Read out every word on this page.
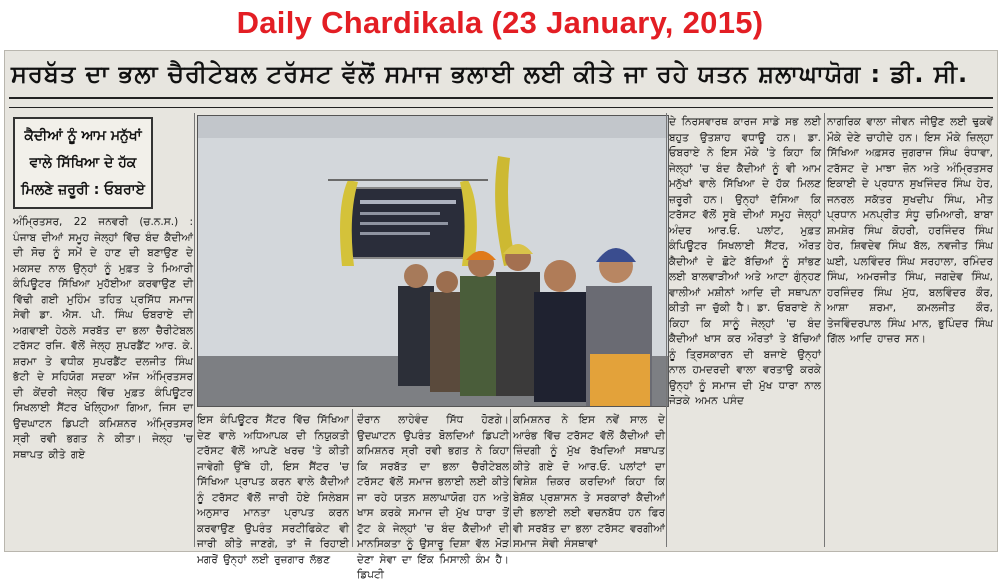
Daily Chardikala (23 January, 2015)
ਸਰਬੱਤ ਦਾ ਭਲਾ ਚੈਰੀਟੇਬਲ ਟਰੱਸਟ ਵੱਲੋਂ ਸਮਾਜ ਭਲਾਈ ਲਈ ਕੀਤੇ ਜਾ ਰਹੇ ਯਤਨ ਸ਼ਲਾਘਾਯੋਗ : ਡੀ. ਸੀ.
ਕੈਦੀਆਂ ਨੂੰ ਆਮ ਮਨੁੱਖਾਂ ਵਾਲੇ ਸਿੱਖਿਆ ਦੇ ਹੱਕ ਮਿਲਣੇ ਜ਼ਰੂਰੀ : ਓਬਰਾਏ

ਅੰਮ੍ਰਿਤਸਰ, 22 ਜਨਵਰੀ (ਚ.ਨ.ਸ.) : ਪੰਜਾਬ ਦੀਆਂ ਸਮੂਹ ਜੇਲ੍ਹਾਂ ਵਿੱਚ ਬੰਦ ਕੈਦੀਆਂ ਦੀ ਸੋਚ ਨੂੰ ਸਮੇਂ ਦੇ ਹਾਣ ਦੀ ਬਣਾਉਣ ਦੇ ਮਕਸਦ ਨਾਲ ਉਨ੍ਹਾਂ ਨੂੰ ਮੁਫ਼ਤ ਤੇ ਮਿਆਰੀ ਕੰਪਿਊਟਰ ਸਿੱਖਿਆ ਮੁਹੱਈਆ ਕਰਵਾਉਣ ਦੀ ਵਿੱਢੀ ਗਈ ਮੁਹਿੰਮ ਤਹਿਤ ਪ੍ਰਸਿੱਧ ਸਮਾਜ ਸੇਵੀ ਡਾ. ਐਸ. ਪੀ. ਸਿੰਘ ਓਬਰਾਏ ਦੀ ਅਗਵਾਈ ਹੇਠਲੇ ਸਰਬੱਤ ਦਾ ਭਲਾ ਚੈਰੀਟੇਬਲ ਟਰੱਸਟ ਰਜਿ. ਵੱਲੋਂ ਜੇਲ੍ਹ ਸੁਪਰਡੈਂਟ ਆਰ. ਕੇ. ਸ਼ਰਮਾ ਤੇ ਵਧੀਕ ਸੁਪਰਡੈਂਟ ਦਲਜੀਤ ਸਿੰਘ ਭੱਟੀ ਦੇ ਸਹਿਯੋਗ ਸਦਕਾ ਅੱਜ ਅੰਮ੍ਰਿਤਸਰ ਦੀ ਕੇਂਦਰੀ ਜੇਲ੍ਹ ਵਿੱਚ ਮੁਫ਼ਤ ਕੰਪਿਊਟਰ ਸਿਖਲਾਈ ਸੈਂਟਰ ਖੋਲ੍ਹਿਆ ਗਿਆ, ਜਿਸ ਦਾ ਉਦਘਾਟਨ ਡਿਪਟੀ ਕਮਿਸ਼ਨਰ ਅੰਮ੍ਰਿਤਸਰ ਸ੍ਰੀ ਰਵੀ ਭਗਤ ਨੇ ਕੀਤਾ। ਜੇਲ੍ਹ 'ਚ ਸਥਾਪਤ ਕੀਤੇ ਗਏ

ਇਸ ਕੰਪਿਊਟਰ ਸੈਂਟਰ ਵਿੱਚ ਸਿੱਖਿਆ ਦੇਣ ਵਾਲੇ ਅਧਿਆਪਕ ਦੀ ਨਿਯੁਕਤੀ ਟਰੱਸਟ ਵੱਲੋਂ ਆਪਣੇ ਖਰਚ 'ਤੇ ਕੀਤੀ ਜਾਵੇਗੀ ਉੱਥੇ ਹੀ, ਇਸ ਸੈਂਟਰ 'ਚ ਸਿੱਖਿਆ ਪ੍ਰਾਪਤ ਕਰਨ ਵਾਲੇ ਕੈਦੀਆਂ ਨੂੰ ਟਰੱਸਟ ਵੱਲੋਂ ਜਾਰੀ ਹੋਏ ਸਿਲੇਬਸ ਅਨੁਸਾਰ ਮਾਨਤਾ ਪ੍ਰਾਪਤ ਕਰਨ ਕਰਵਾਉਣ ਉਪਰੰਤ ਸਰਟੀਫਿਕੇਟ ਵੀ ਜਾਰੀ ਕੀਤੇ ਜਾਣਗੇ, ਤਾਂ ਜੋ ਰਿਹਾਈ ਮਗਰੋਂ ਉਨ੍ਹਾਂ ਲਈ ਰੁਜ਼ਗਾਰ ਲੱਭਣ
ਦੌਰਾਨ ਲਾਹੇਵੰਦ ਸਿੱਧ ਹੋਣਗੇ। ਉਦਘਾਟਨ ਉਪਰੰਤ ਬੋਲਦਿਆਂ ਡਿਪਟੀ ਕਮਿਸ਼ਨਰ ਸ੍ਰੀ ਰਵੀ ਭਗਤ ਨੇ ਕਿਹਾ ਕਿ ਸਰਬੱਤ ਦਾ ਭਲਾ ਚੈਰੀਟੇਬਲ ਟਰੱਸਟ ਵੱਲੋਂ ਸਮਾਜ ਭਲਾਈ ਲਈ ਕੀਤੇ ਜਾ ਰਹੇ ਯਤਨ ਸ਼ਲਾਘਾਯੋਗ ਹਨ ਅਤੇ ਖਾਸ ਕਰਕੇ ਸਮਾਜ ਦੀ ਮੁੱਖ ਧਾਰਾ ਤੋਂ ਟੁੱਟ ਕੇ ਜੇਲ੍ਹਾਂ 'ਚ ਬੰਦ ਕੈਦੀਆਂ ਦੀ ਮਾਨਸਿਕਤਾ ਨੂੰ ਉਸਾਰੂ ਦਿਸ਼ਾ ਵੱਲ ਮੋੜ ਦੇਣਾ ਸੇਵਾ ਦਾ ਇੱਕ ਮਿਸਾਲੀ ਕੰਮ ਹੈ। ਡਿਪਟੀ
ਕਮਿਸ਼ਨਰ ਨੇ ਇਸ ਨਵੇਂ ਸਾਲ ਦੇ ਆਰੰਭ ਵਿੱਚ ਟਰੱਸਟ ਵੱਲੋਂ ਕੈਦੀਆਂ ਦੀ ਜ਼ਿੰਦਗੀ ਨੂੰ ਮੁੱਖ ਰੱਖਦਿਆਂ ਸਥਾਪਤ ਕੀਤੇ ਗਏ ਦੋ ਆਰ.ਓ. ਪਲਾਂਟਾਂ ਦਾ ਵਿਸ਼ੇਸ਼ ਜ਼ਿਕਰ ਕਰਦਿਆਂ ਕਿਹਾ ਕਿ ਬੇਸ਼ੱਕ ਪ੍ਰਸ਼ਾਸਨ ਤੇ ਸਰਕਾਰਾਂ ਕੈਦੀਆਂ ਦੀ ਭਲਾਈ ਲਈ ਵਚਨਬੱਧ ਹਨ ਫਿਰ ਵੀ ਸਰਬੱਤ ਦਾ ਭਲਾ ਟਰੱਸਟ ਵਰਗੀਆਂ ਸਮਾਜ ਸੇਵੀ ਸੰਸਥਾਵਾਂ
ਦੇ ਨਿਰਸਵਾਰਥ ਕਾਰਜ ਸਾਡੇ ਸਭ ਲਈ ਬਹੁਤ ਉਤਸ਼ਾਹ ਵਧਾਊ ਹਨ। ਡਾ. ਓਬਰਾਏ ਨੇ ਇਸ ਮੌਕੇ 'ਤੇ ਕਿਹਾ ਕਿ ਜੇਲ੍ਹਾਂ 'ਚ ਬੰਦ ਕੈਦੀਆਂ ਨੂੰ ਵੀ ਆਮ ਮਨੁੱਖਾਂ ਵਾਲੇ ਸਿੱਖਿਆ ਦੇ ਹੱਕ ਮਿਲਣ ਜ਼ਰੂਰੀ ਹਨ। ਉਨ੍ਹਾਂ ਦੱਸਿਆ ਕਿ ਟਰੱਸਟ ਵੱਲੋਂ ਸੂਬੇ ਦੀਆਂ ਸਮੂਹ ਜੇਲ੍ਹਾਂ ਅੰਦਰ ਆਰ.ਓ. ਪਲਾਂਟ, ਮੁਫ਼ਤ ਕੰਪਿਊਟਰ ਸਿਖਲਾਈ ਸੈਂਟਰ, ਔਰਤ ਕੈਦੀਆਂ ਦੇ ਛੋਟੇ ਬੱਚਿਆਂ ਨੂੰ ਸਾਂਭਣ ਲਈ ਬਾਲਵਾੜੀਆਂ ਅਤੇ ਆਟਾ ਗੁੰਨ੍ਹਣ ਵਾਲੀਆਂ ਮਸ਼ੀਨਾਂ ਆਦਿ ਦੀ ਸਥਾਪਨਾ ਕੀਤੀ ਜਾ ਚੁੱਕੀ ਹੈ। ਡਾ. ਓਬਰਾਏ ਨੇ ਕਿਹਾ ਕਿ ਸਾਨੂੰ ਜੇਲ੍ਹਾਂ 'ਚ ਬੰਦ ਕੈਦੀਆਂ ਖਾਸ ਕਰ ਔਰਤਾਂ ਤੇ ਬੱਚਿਆਂ ਨੂੰ ਤ੍ਰਿਸਕਾਰਨ ਦੀ ਬਜਾਏ ਉਨ੍ਹਾਂ ਨਾਲ ਹਮਦਰਦੀ ਵਾਲਾ ਵਰਤਾਉ ਕਰਕੇ ਉਨ੍ਹਾਂ ਨੂੰ ਸਮਾਜ ਦੀ ਮੁੱਖ ਧਾਰਾ ਨਾਲ ਜੋੜਕੇ ਅਮਨ ਪਸੰਦ
ਨਾਗਰਿਕ ਵਾਲਾ ਜੀਵਨ ਜੀਉਣ ਲਈ ਢੁਕਵੇਂ ਮੌਕੇ ਦੇਣੇ ਚਾਹੀਦੇ ਹਨ। ਇਸ ਮੌਕੇ ਜ਼ਿਲ੍ਹਾ ਸਿੱਖਿਆ ਅਫ਼ਸਰ ਜੁਗਰਾਜ ਸਿੰਘ ਰੰਧਾਵਾ, ਟਰੱਸਟ ਦੇ ਮਾਝਾ ਜ਼ੋਨ ਅਤੇ ਅੰਮ੍ਰਿਤਸਰ ਇਕਾਈ ਦੇ ਪ੍ਰਧਾਨ ਸੁਖਜਿੰਦਰ ਸਿੰਘ ਹੇਰ, ਜਨਰਲ ਸਕੱਤਰ ਸੁਖਦੀਪ ਸਿੰਘ, ਮੀਤ ਪ੍ਰਧਾਨ ਮਨਪ੍ਰੀਤ ਸੰਧੂ ਚਮਿਆਰੀ, ਬਾਬਾ ਸ਼ਮਸ਼ੇਰ ਸਿੰਘ ਕੋਹਰੀ, ਹਰਜਿੰਦਰ ਸਿੰਘ ਹੇਰ, ਸ਼ਿਵਦੇਵ ਸਿੰਘ ਬੱਲ, ਨਵਜੀਤ ਸਿੰਘ ਘਈ, ਪਲਵਿੰਦਰ ਸਿੰਘ ਸਰਹਾਲਾ, ਰਮਿੰਦਰ ਸਿੰਘ, ਅਮਰਜੀਤ ਸਿੰਘ, ਜਗਦੇਵ ਸਿੰਘ, ਹਰਜਿੰਦਰ ਸਿੰਘ ਮੁੱਧ, ਬਲਵਿੰਦਰ ਕੌਰ, ਆਸ਼ਾ ਸ਼ਰਮਾ, ਕਮਲਜੀਤ ਕੌਰ, ਤੇਜਵਿੰਦਰਪਾਲ ਸਿੰਘ ਮਾਨ, ਭੁਪਿੰਦਰ ਸਿੰਘ ਗਿੱਲ ਆਦਿ ਹਾਜ਼ਰ ਸਨ।
